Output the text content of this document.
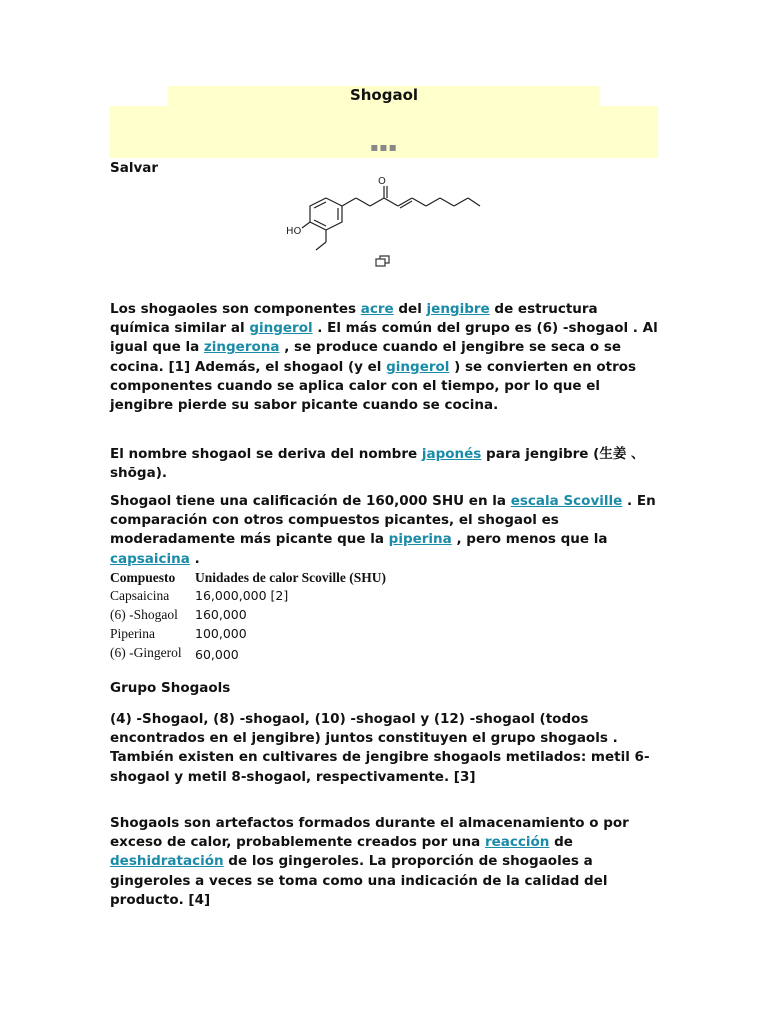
Shogaol
▪▪▪
Salvar
O
HO
Los shogaoles son componentes acre del jengibre de estructura química similar al gingerol . El más común del grupo es (6) -shogaol . Al igual que la zingerona , se produce cuando el jengibre se seca o se cocina. [1] Además, el shogaol (y el gingerol ) se convierten en otros componentes cuando se aplica calor con el tiempo, por lo que el jengibre pierde su sabor picante cuando se cocina.
El nombre shogaol se deriva del nombre japonés para jengibre (生姜 、 shōga).
Shogaol tiene una calificación de 160,000 SHU en la escala Scoville . En comparación con otros compuestos picantes, el shogaol es moderadamente más picante que la piperina , pero menos que la capsaicina .
Compuesto	Unidades de calor Scoville (SHU)
Capsaicina	16,000,000 [2]
(6) -Shogaol	160,000
Piperina	100,000
(6) -Gingerol	60,000
Grupo Shogaols
(4) -Shogaol, (8) -shogaol, (10) -shogaol y (12) -shogaol (todos encontrados en el jengibre) juntos constituyen el grupo shogaols . También existen en cultivares de jengibre shogaols metilados: metil 6-shogaol y metil 8-shogaol, respectivamente. [3]
Shogaols son artefactos formados durante el almacenamiento o por exceso de calor, probablemente creados por una reacción de deshidratación de los gingeroles. La proporción de shogaoles a gingeroles a veces se toma como una indicación de la calidad del producto. [4]
